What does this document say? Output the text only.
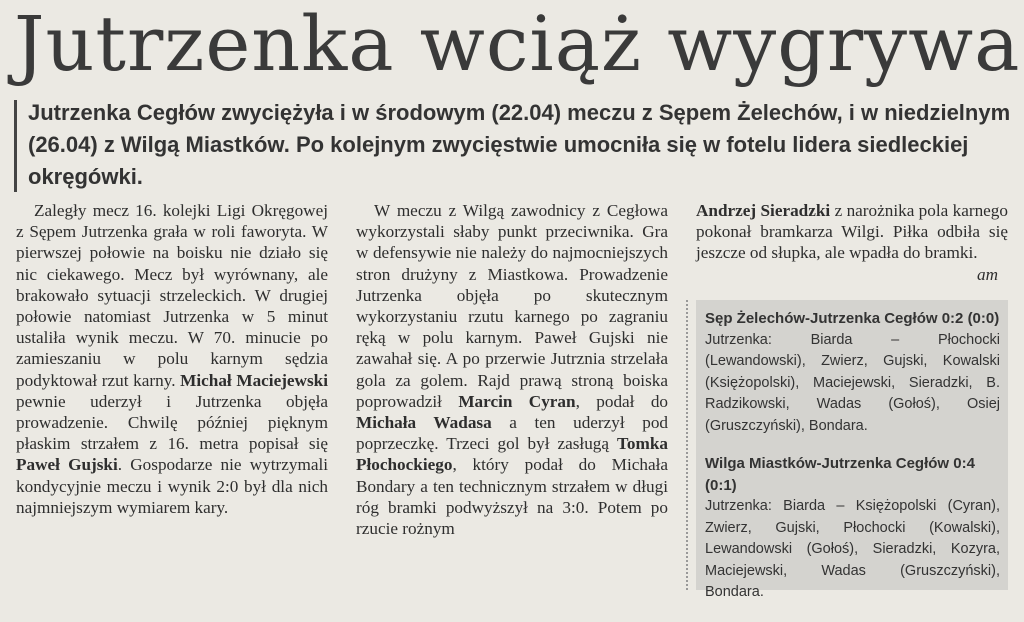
Jutrzenka wciąż wygrywa
Jutrzenka Cegłów zwyciężyła i w środowym (22.04) meczu z Sępem Żelechów, i w niedzielnym (26.04) z Wilgą Miastków. Po kolejnym zwycięstwie umocniła się w fotelu lidera siedleckiej okręgówki.

Zaległy mecz 16. kolejki Ligi Okręgowej z Sępem Jutrzenka grała w roli faworyta. W pierwszej połowie na boisku nie działo się nic ciekawego. Mecz był wyrównany, ale brakowało sytuacji strzeleckich. W drugiej połowie natomiast Jutrzenka w 5 minut ustaliła wynik meczu. W 70. minucie po zamieszaniu w polu karnym sędzia podyktował rzut karny. Michał Maciejewski pewnie uderzył i Jutrzenka objęła prowadzenie. Chwilę później pięknym płaskim strzałem z 16. metra popisał się Paweł Gujski. Gospodarze nie wytrzymali kondycyjnie meczu i wynik 2:0 był dla nich najmniejszym wymiarem kary.

W meczu z Wilgą zawodnicy z Cegłowa wykorzystali słaby punkt przeciwnika. Gra w defensywie nie należy do najmocniejszych stron drużyny z Miastkowa. Prowadzenie Jutrzenka objęła po skutecznym wykorzystaniu rzutu karnego po zagraniu ręką w polu karnym. Paweł Gujski nie zawahał się. A po przerwie Jutrznia strzelała gola za golem. Rajd prawą stroną boiska poprowadził Marcin Cyran, podał do Michała Wadasa a ten uderzył pod poprzeczkę. Trzeci gol był zasługą Tomka Płochockiego, który podał do Michała Bondary a ten technicznym strzałem w długi róg bramki podwyższył na 3:0. Potem po rzucie rożnym

Andrzej Sieradzki z narożnika pola karnego pokonał bramkarza Wilgi. Piłka odbiła się jeszcze od słupka, ale wpadła do bramki.

am

Sęp Żelechów-Jutrzenka Cegłów 0:2 (0:0)
Jutrzenka: Biarda – Płochocki (Lewandowski), Zwierz, Gujski, Kowalski (Księżopolski), Maciejewski, Sieradzki, B. Radzikowski, Wadas (Gołoś), Osiej (Gruszczyński), Bondara.
Wilga Miastków-Jutrzenka Cegłów 0:4 (0:1)
Jutrzenka: Biarda – Księżopolski (Cyran), Zwierz, Gujski, Płochocki (Kowalski), Lewandowski (Gołoś), Sieradzki, Kozyra, Maciejewski, Wadas (Gruszczyński), Bondara.
